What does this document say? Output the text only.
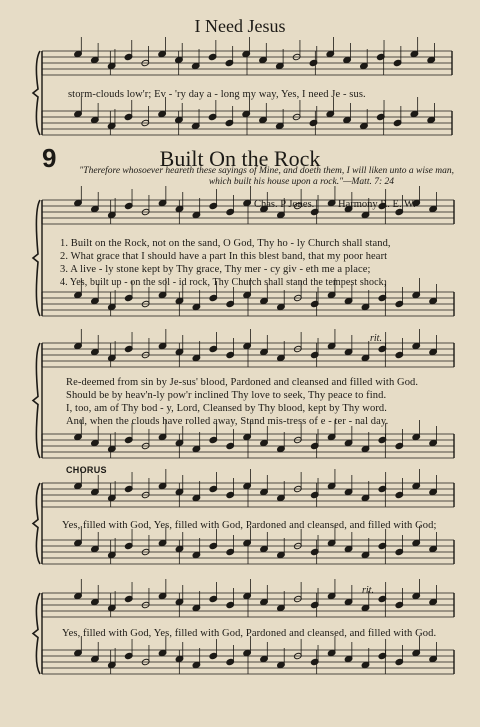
I Need Jesus
storm-clouds low'r; Ev - 'ry day a - long my way, Yes, I need Je - sus.
9	Built On the Rock
"Therefore whosoever heareth these sayings of Mine, and doeth them, I will liken unto a wise man,
which built his house upon a rock."—Matt. 7: 24
Chas. P Jones. Harmony R. E. W.
1. Built on the Rock, not on the sand, O God, Thy ho - ly Church shall stand,
2. What grace that I should have a part In this blest band, that my poor heart
3. A live - ly stone kept by Thy grace, Thy mer - cy giv - eth me a place;
4. Yes, built up - on the sol - id rock, Thy Church shall stand the tempest shock;
rit.
Re-deemed from sin by Je-sus' blood, Pardoned and cleansed and filled with God.
Should be by heav'n-ly pow'r inclined Thy love to seek, Thy peace to find.
I, too, am of Thy bod - y, Lord, Cleansed by Thy blood, kept by Thy word.
And, when the clouds have rolled away, Stand mis-tress of e - ter - nal day.
CHORUS
Yes, filled with God, Yes, filled with God, Pardoned and cleansed, and filled with God;
rit.
Yes, filled with God, Yes, filled with God, Pardoned and cleansed, and filled with God.
